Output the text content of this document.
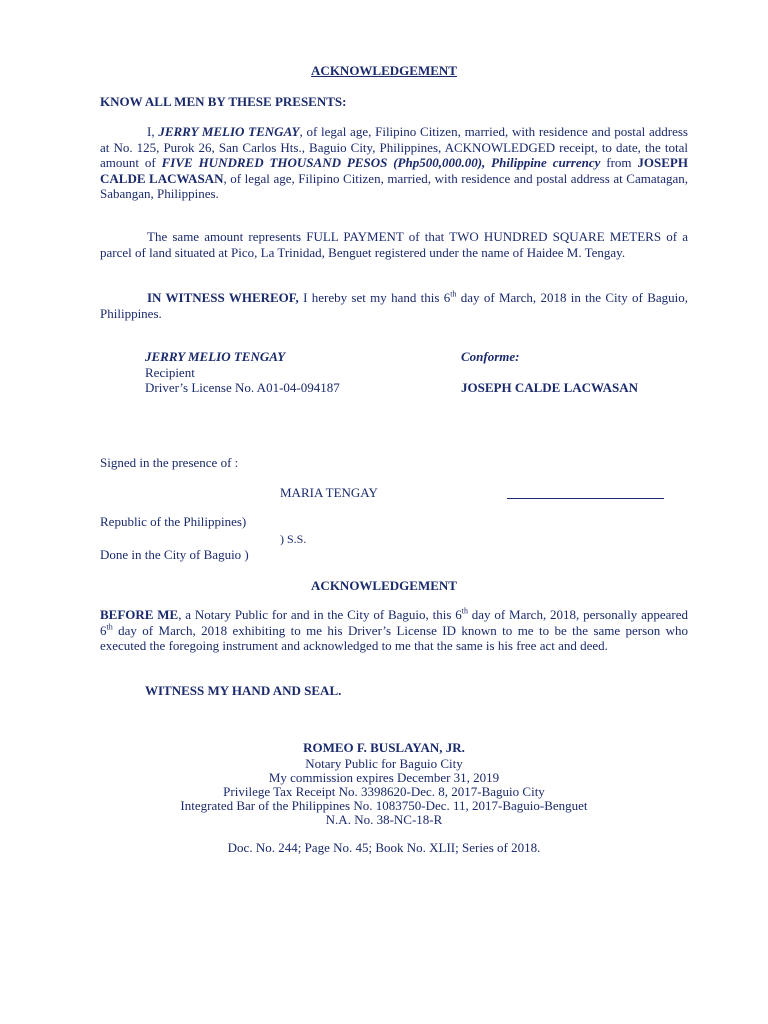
ACKNOWLEDGEMENT
KNOW ALL MEN BY THESE PRESENTS:
I, JERRY MELIO TENGAY, of legal age, Filipino Citizen, married, with residence and postal address at No. 125, Purok 26, San Carlos Hts., Baguio City, Philippines, ACKNOWLEDGED receipt, to date, the total amount of FIVE HUNDRED THOUSAND PESOS (Php500,000.00), Philippine currency from JOSEPH CALDE LACWASAN, of legal age, Filipino Citizen, married, with residence and postal address at Camatagan, Sabangan, Philippines.
The same amount represents FULL PAYMENT of that TWO HUNDRED SQUARE METERS of a parcel of land situated at Pico, La Trinidad, Benguet registered under the name of Haidee M. Tengay.
IN WITNESS WHEREOF, I hereby set my hand this 6th day of March, 2018 in the City of Baguio, Philippines.
JERRY MELIO TENGAY
Recipient
Driver’s License No. A01-04-094187
Conforme:
JOSEPH CALDE LACWASAN
Signed in the presence of :
MARIA TENGAY
Republic of the Philippines)
) S.S.
Done in the City of Baguio )
ACKNOWLEDGEMENT
BEFORE ME, a Notary Public for and in the City of Baguio, this 6th day of March, 2018, personally appeared 6th day of March, 2018 exhibiting to me his Driver’s License ID known to me to be the same person who executed the foregoing instrument and acknowledged to me that the same is his free act and deed.
WITNESS MY HAND AND SEAL.
ROMEO F. BUSLAYAN, JR.
Notary Public for Baguio City
My commission expires December 31, 2019
Privilege Tax Receipt No. 3398620-Dec. 8, 2017-Baguio City
Integrated Bar of the Philippines No. 1083750-Dec. 11, 2017-Baguio-Benguet
N.A. No. 38-NC-18-R
Doc. No. 244; Page No. 45; Book No. XLII; Series of 2018.
